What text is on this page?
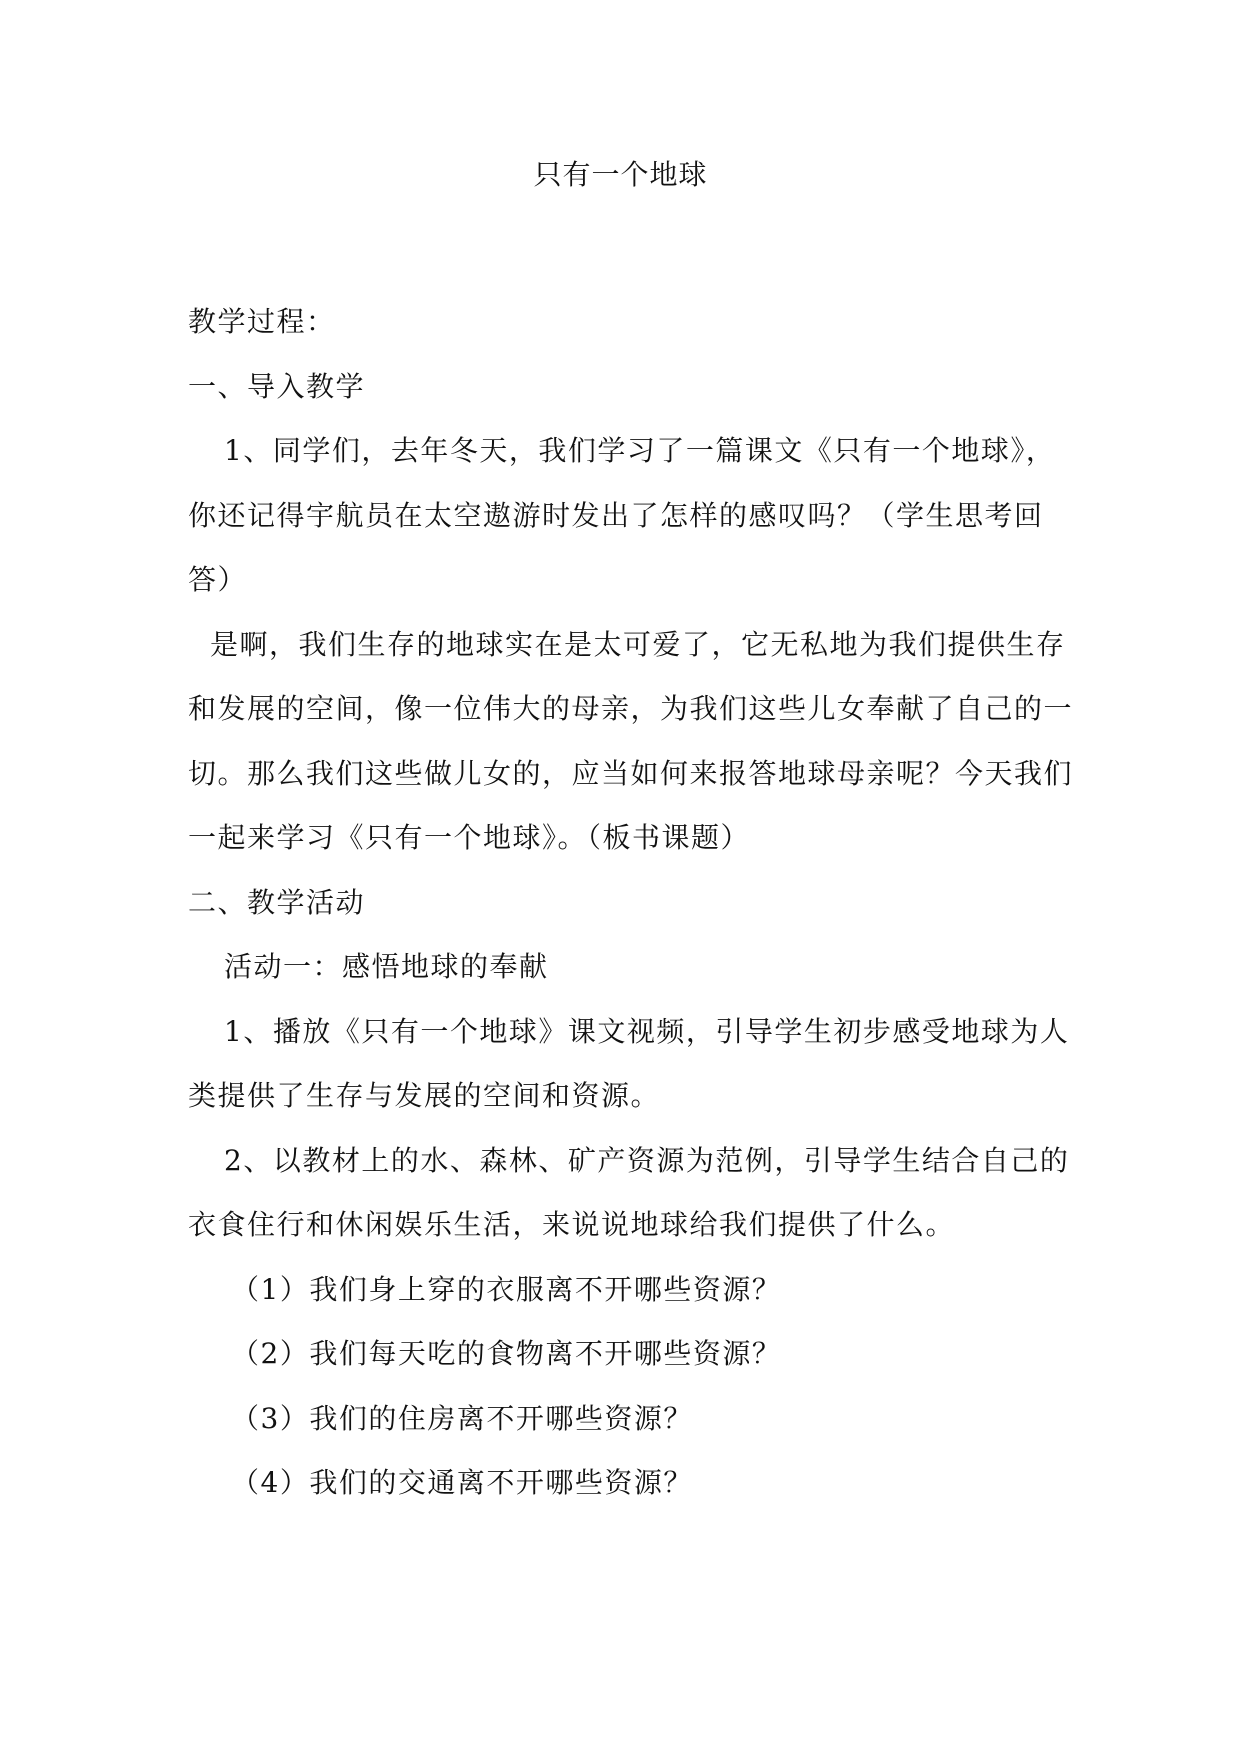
只有一个地球
教学过程：
一、导入教学
1、同学们，去年冬天，我们学习了一篇课文《只有一个地球》，
你还记得宇航员在太空遨游时发出了怎样的感叹吗？（学生思考回
答）
是啊，我们生存的地球实在是太可爱了，它无私地为我们提供生存
和发展的空间，像一位伟大的母亲，为我们这些儿女奉献了自己的一
切。那么我们这些做儿女的，应当如何来报答地球母亲呢？今天我们
一起来学习《只有一个地球》。（板书课题）
二、教学活动
活动一：感悟地球的奉献
1、播放《只有一个地球》课文视频，引导学生初步感受地球为人
类提供了生存与发展的空间和资源。
2、以教材上的水、森林、矿产资源为范例，引导学生结合自己的
衣食住行和休闲娱乐生活，来说说地球给我们提供了什么。
（1）我们身上穿的衣服离不开哪些资源？
（2）我们每天吃的食物离不开哪些资源？
（3）我们的住房离不开哪些资源？
（4）我们的交通离不开哪些资源？
